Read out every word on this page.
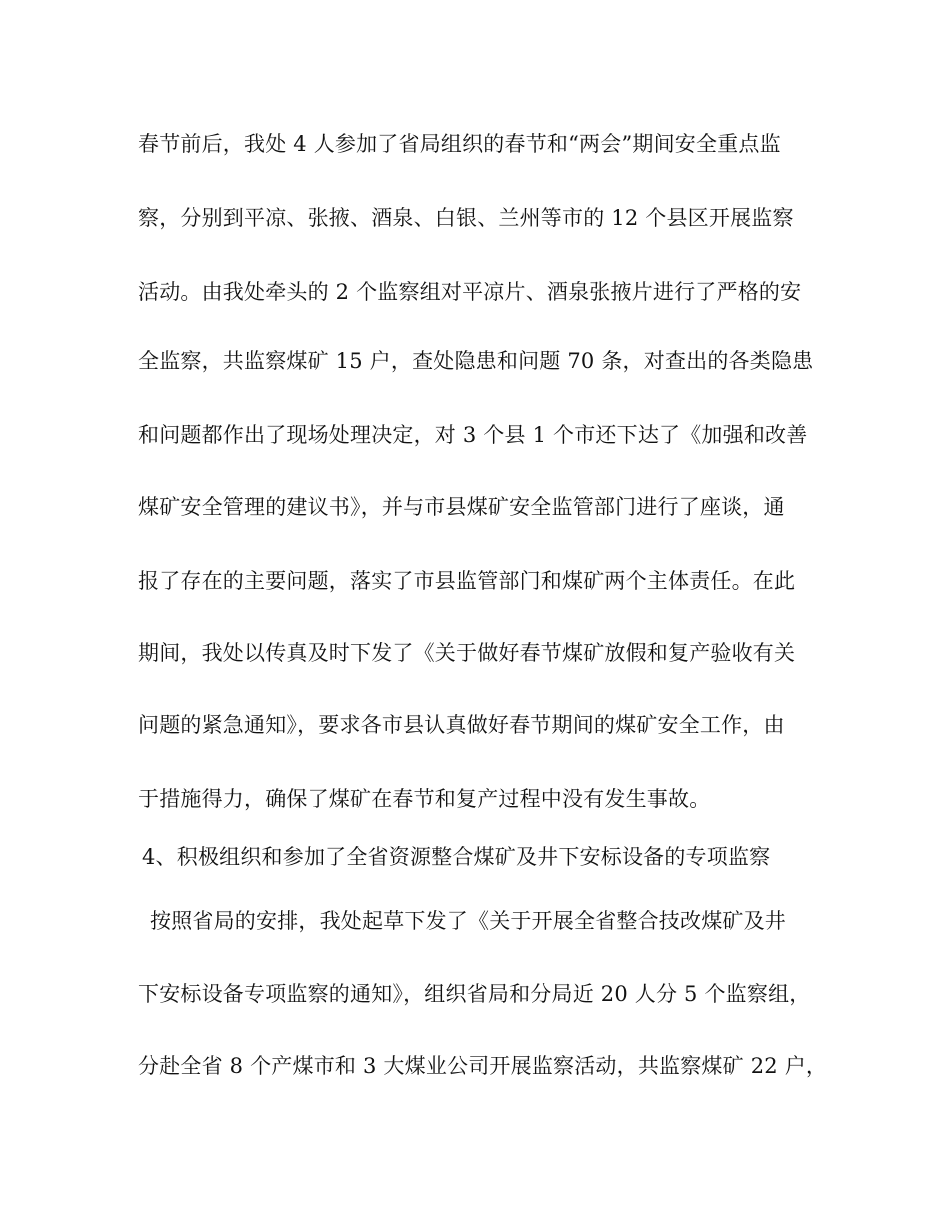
春节前后，我处 4 人参加了省局组织的春节和“两会”期间安全重点监
察，分别到平凉、张掖、酒泉、白银、兰州等市的 12 个县区开展监察
活动。由我处牵头的 2 个监察组对平凉片、酒泉张掖片进行了严格的安
全监察，共监察煤矿 15 户，查处隐患和问题 70 条，对查出的各类隐患
和问题都作出了现场处理决定，对 3 个县 1 个市还下达了《加强和改善
煤矿安全管理的建议书》，并与市县煤矿安全监管部门进行了座谈，通
报了存在的主要问题，落实了市县监管部门和煤矿两个主体责任。在此
期间，我处以传真及时下发了《关于做好春节煤矿放假和复产验收有关
问题的紧急通知》，要求各市县认真做好春节期间的煤矿安全工作，由
于措施得力，确保了煤矿在春节和复产过程中没有发生事故。
4、积极组织和参加了全省资源整合煤矿及井下安标设备的专项监察
按照省局的安排，我处起草下发了《关于开展全省整合技改煤矿及井
下安标设备专项监察的通知》，组织省局和分局近 20 人分 5 个监察组，
分赴全省 8 个产煤市和 3 大煤业公司开展监察活动，共监察煤矿 22 户，
